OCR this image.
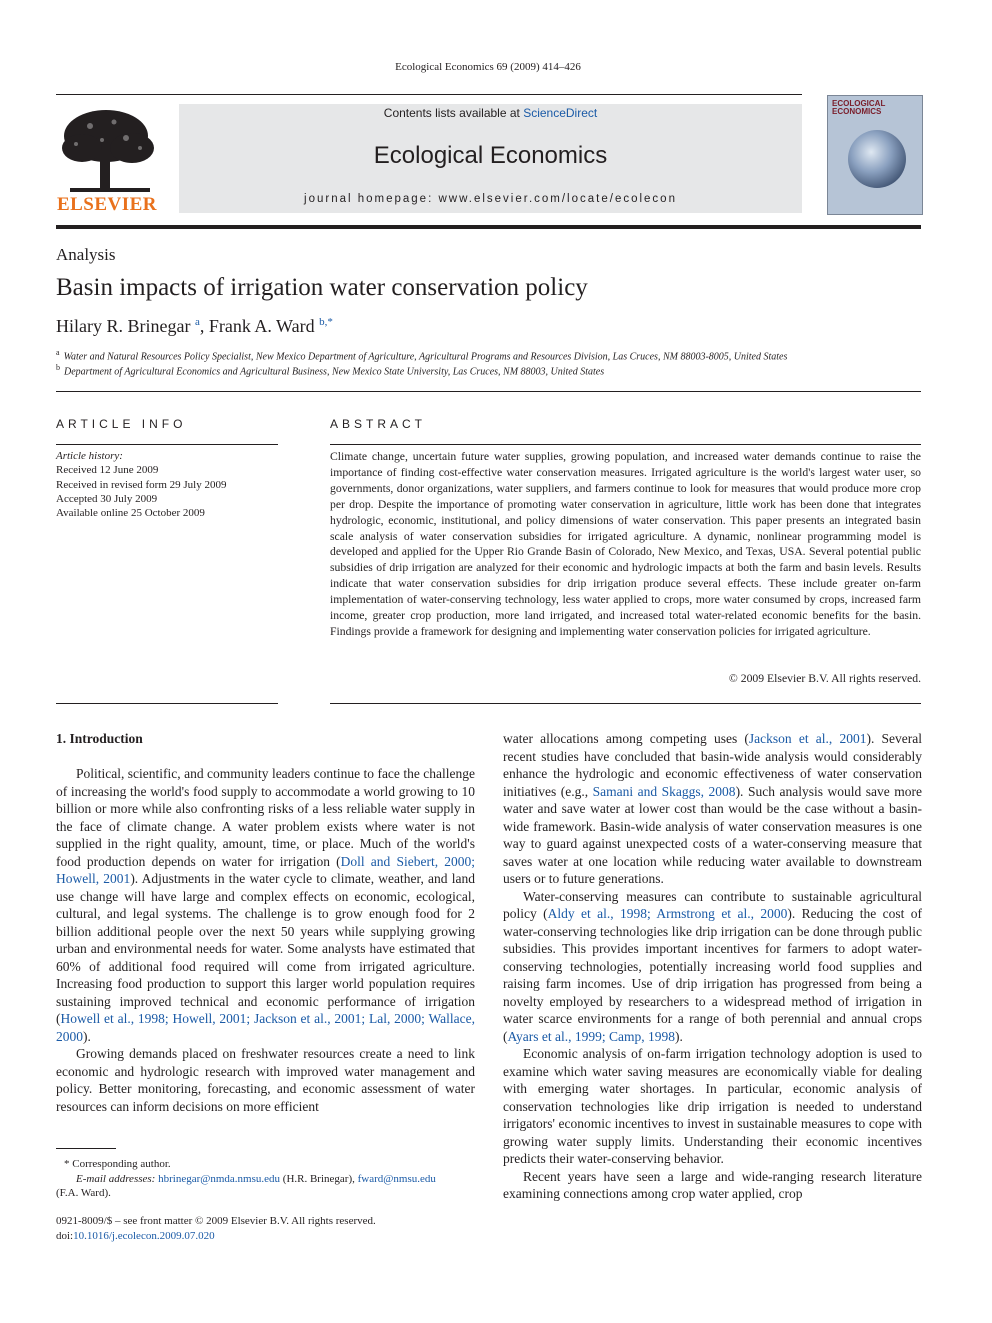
Ecological Economics 69 (2009) 414–426
ELSEVIER
Contents lists available at ScienceDirect
Ecological Economics
journal homepage: www.elsevier.com/locate/ecolecon
ECOLOGICAL ECONOMICS
Analysis
Basin impacts of irrigation water conservation policy
Hilary R. Brinegar $^a$, Frank A. Ward $^{b,*}$
$^a$ Water and Natural Resources Policy Specialist, New Mexico Department of Agriculture, Agricultural Programs and Resources Division, Las Cruces, NM 88003-8005, United States
$^b$ Department of Agricultural Economics and Agricultural Business, New Mexico State University, Las Cruces, NM 88003, United States
ARTICLE INFO
Article history:
Received 12 June 2009
Received in revised form 29 July 2009
Accepted 30 July 2009
Available online 25 October 2009
ABSTRACT
Climate change, uncertain future water supplies, growing population, and increased water demands continue to raise the importance of finding cost-effective water conservation measures. Irrigated agriculture is the world's largest water user, so governments, donor organizations, water suppliers, and farmers continue to look for measures that would produce more crop per drop. Despite the importance of promoting water conservation in agriculture, little work has been done that integrates hydrologic, economic, institutional, and policy dimensions of water conservation. This paper presents an integrated basin scale analysis of water conservation subsidies for irrigated agriculture. A dynamic, nonlinear programming model is developed and applied for the Upper Rio Grande Basin of Colorado, New Mexico, and Texas, USA. Several potential public subsidies of drip irrigation are analyzed for their economic and hydrologic impacts at both the farm and basin levels. Results indicate that water conservation subsidies for drip irrigation produce several effects. These include greater on-farm implementation of water-conserving technology, less water applied to crops, more water consumed by crops, increased farm income, greater crop production, more land irrigated, and increased total water-related economic benefits for the basin. Findings provide a framework for designing and implementing water conservation policies for irrigated agriculture.
© 2009 Elsevier B.V. All rights reserved.
1. Introduction

Political, scientific, and community leaders continue to face the challenge of increasing the world's food supply to accommodate a world growing to 10 billion or more while also confronting risks of a less reliable water supply in the face of climate change. A water problem exists where water is not supplied in the right quality, amount, time, or place. Much of the world's food production depends on water for irrigation (Doll and Siebert, 2000; Howell, 2001). Adjustments in the water cycle to climate, weather, and land use change will have large and complex effects on economic, ecological, cultural, and legal systems. The challenge is to grow enough food for 2 billion additional people over the next 50 years while supplying growing urban and environmental needs for water. Some analysts have estimated that 60% of additional food required will come from irrigated agriculture. Increasing food production to support this larger world population requires sustaining improved technical and economic performance of irrigation (Howell et al., 1998; Howell, 2001; Jackson et al., 2001; Lal, 2000; Wallace, 2000).

Growing demands placed on freshwater resources create a need to link economic and hydrologic research with improved water management and policy. Better monitoring, forecasting, and economic assessment of water resources can inform decisions on more efficient

water allocations among competing uses (Jackson et al., 2001). Several recent studies have concluded that basin-wide analysis would considerably enhance the hydrologic and economic effectiveness of water conservation initiatives (e.g., Samani and Skaggs, 2008). Such analysis would save more water and save water at lower cost than would be the case without a basin-wide framework. Basin-wide analysis of water conservation measures is one way to guard against unexpected costs of a water-conserving measure that saves water at one location while reducing water available to downstream users or to future generations.

Water-conserving measures can contribute to sustainable agricultural policy (Aldy et al., 1998; Armstrong et al., 2000). Reducing the cost of water-conserving technologies like drip irrigation can be done through public subsidies. This provides important incentives for farmers to adopt water-conserving technologies, potentially increasing world food supplies and raising farm incomes. Use of drip irrigation has progressed from being a novelty employed by researchers to a widespread method of irrigation in water scarce environments for a range of both perennial and annual crops (Ayars et al., 1999; Camp, 1998).

Economic analysis of on-farm irrigation technology adoption is used to examine which water saving measures are economically viable for dealing with emerging water shortages. In particular, economic analysis of conservation technologies like drip irrigation is needed to understand irrigators' economic incentives to invest in sustainable measures to cope with growing water supply limits. Understanding their economic incentives predicts their water-conserving behavior.

Recent years have seen a large and wide-ranging research literature examining connections among crop water applied, crop

* Corresponding author.
E-mail addresses: hbrinegar@nmda.nmsu.edu (H.R. Brinegar), fward@nmsu.edu
(F.A. Ward).
0921-8009/$ – see front matter © 2009 Elsevier B.V. All rights reserved.
doi:10.1016/j.ecolecon.2009.07.020
